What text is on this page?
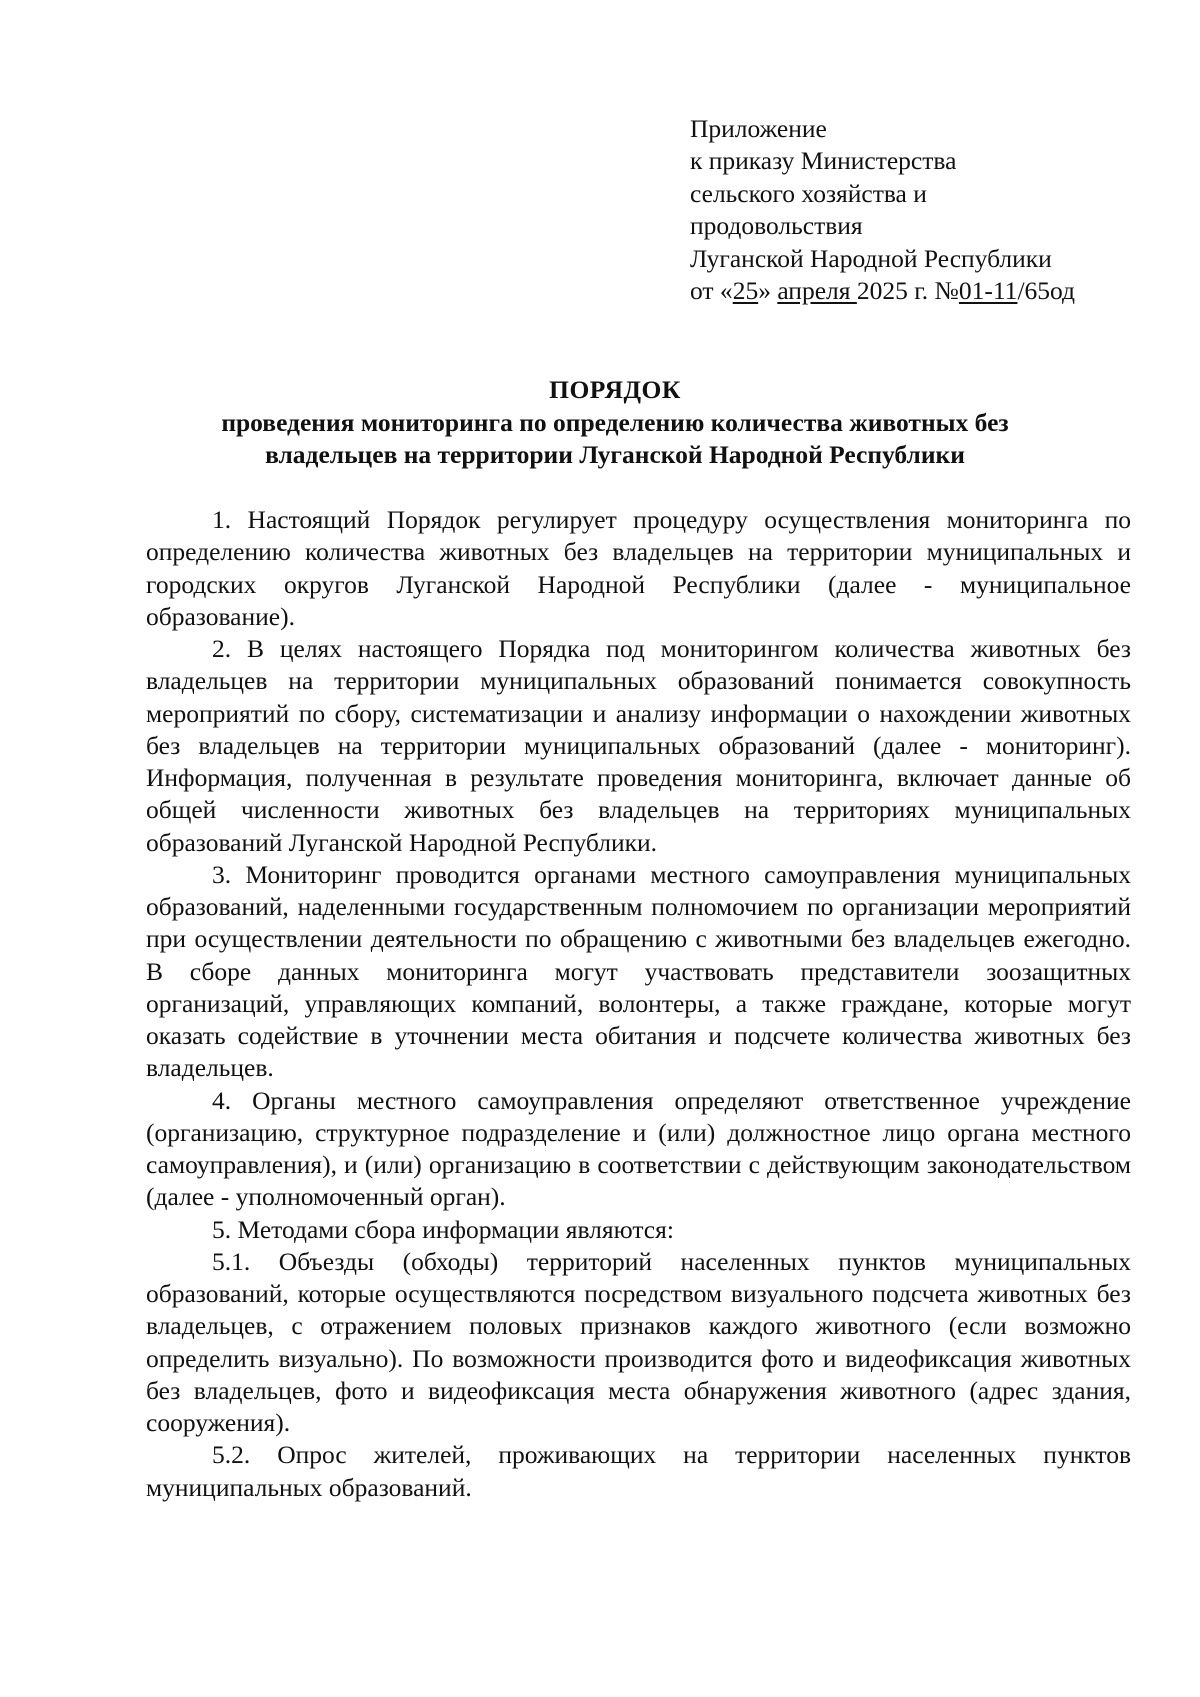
Приложение
к приказу Министерства
сельского хозяйства и
продовольствия
Луганской Народной Республики
от «25» апреля 2025 г. №01-11/65од
ПОРЯДОК
проведения мониторинга по определению количества животных без
владельцев на территории Луганской Народной Республики

1. Настоящий Порядок регулирует процедуру осуществления мониторинга по определению количества животных без владельцев на территории муниципальных и городских округов Луганской Народной Республики (далее - муниципальное образование).

2. В целях настоящего Порядка под мониторингом количества животных без владельцев на территории муниципальных образований понимается совокупность мероприятий по сбору, систематизации и анализу информации о нахождении животных без владельцев на территории муниципальных образований (далее - мониторинг). Информация, полученная в результате проведения мониторинга, включает данные об общей численности животных без владельцев на территориях муниципальных образований Луганской Народной Республики.

3. Мониторинг проводится органами местного самоуправления муниципальных образований, наделенными государственным полномочием по организации мероприятий при осуществлении деятельности по обращению с животными без владельцев ежегодно. В сборе данных мониторинга могут участвовать представители зоозащитных организаций, управляющих компаний, волонтеры, а также граждане, которые могут оказать содействие в уточнении места обитания и подсчете количества животных без владельцев.

4. Органы местного самоуправления определяют ответственное учреждение (организацию, структурное подразделение и (или) должностное лицо органа местного самоуправления), и (или) организацию в соответствии с действующим законодательством (далее - уполномоченный орган).

5. Методами сбора информации являются:

5.1. Объезды (обходы) территорий населенных пунктов муниципальных образований, которые осуществляются посредством визуального подсчета животных без владельцев, с отражением половых признаков каждого животного (если возможно определить визуально). По возможности производится фото и видеофиксация животных без владельцев, фото и видеофиксация места обнаружения животного (адрес здания, сооружения).

5.2. Опрос жителей, проживающих на территории населенных пунктов муниципальных образований.
